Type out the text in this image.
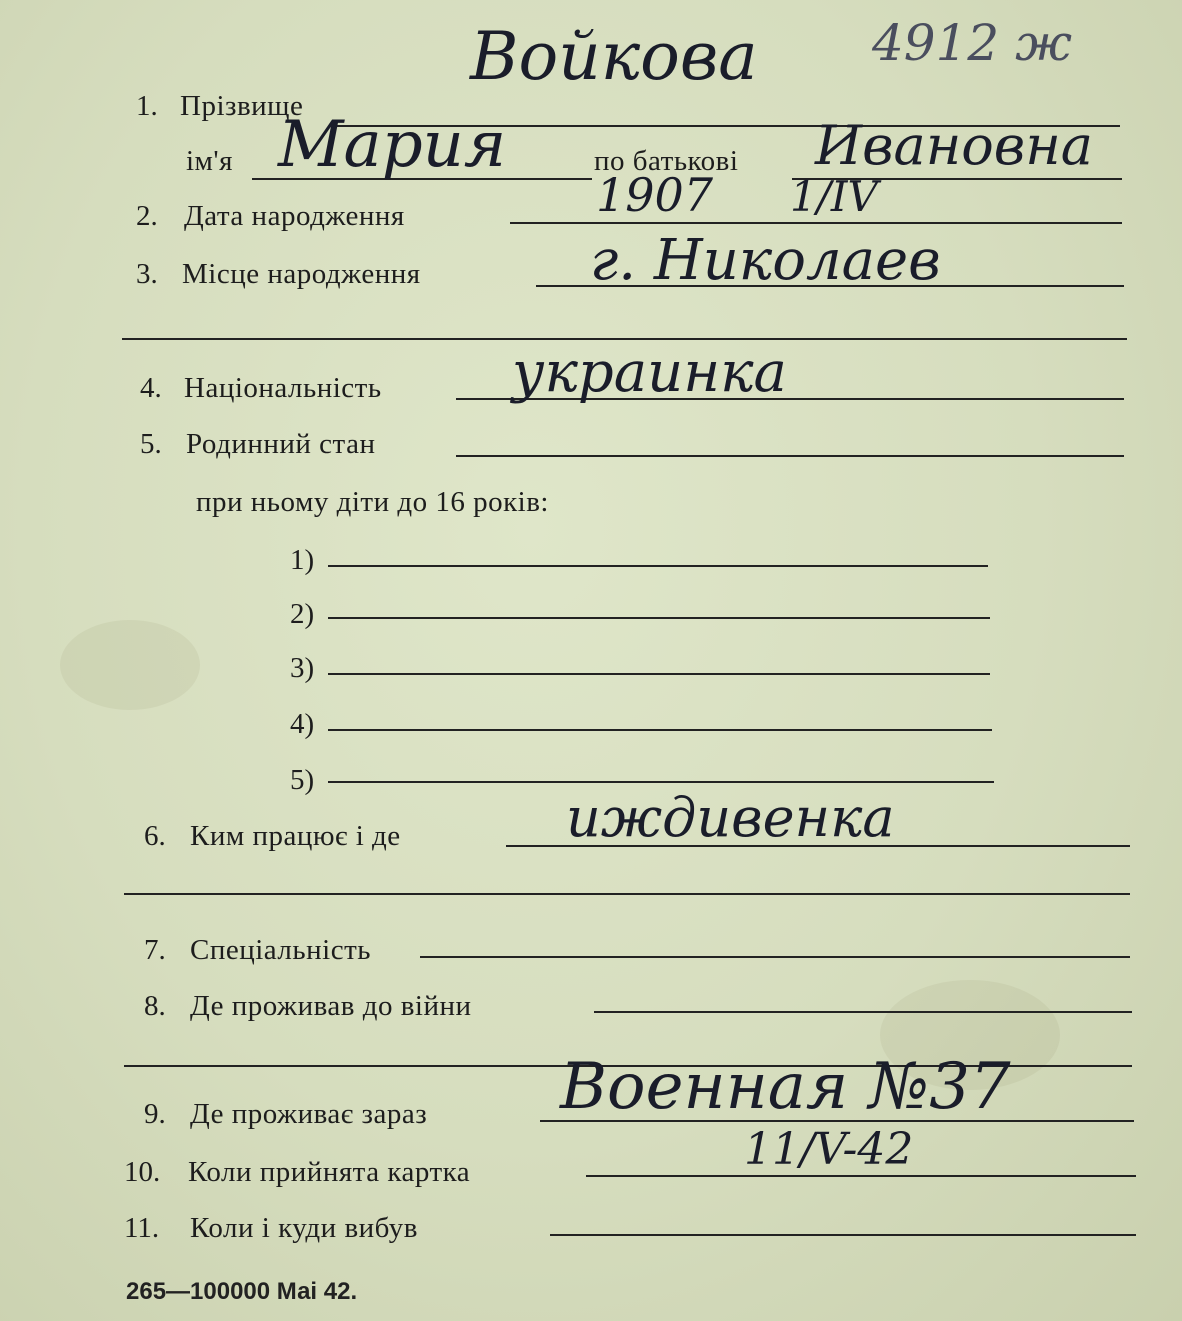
1. Прізвище
Войкова 4912 ж
ім'я Мария	по батькові Ивановна
2. Дата народження	1907 1/IV
3. Місце народження	г. Николаев
4. Національність украинка
5. Родинний стан
при ньому діти до 16 років:
1)
2)
3)
4)
5)
6. Ким працює і де	иждивенка
7. Спеціальність
8. Де проживав до війни
9. Де проживає зараз Военная №37
10. Коли прийнята картка	11/V-42
11. Коли і куди вибув
265—100000 Маі 42.
